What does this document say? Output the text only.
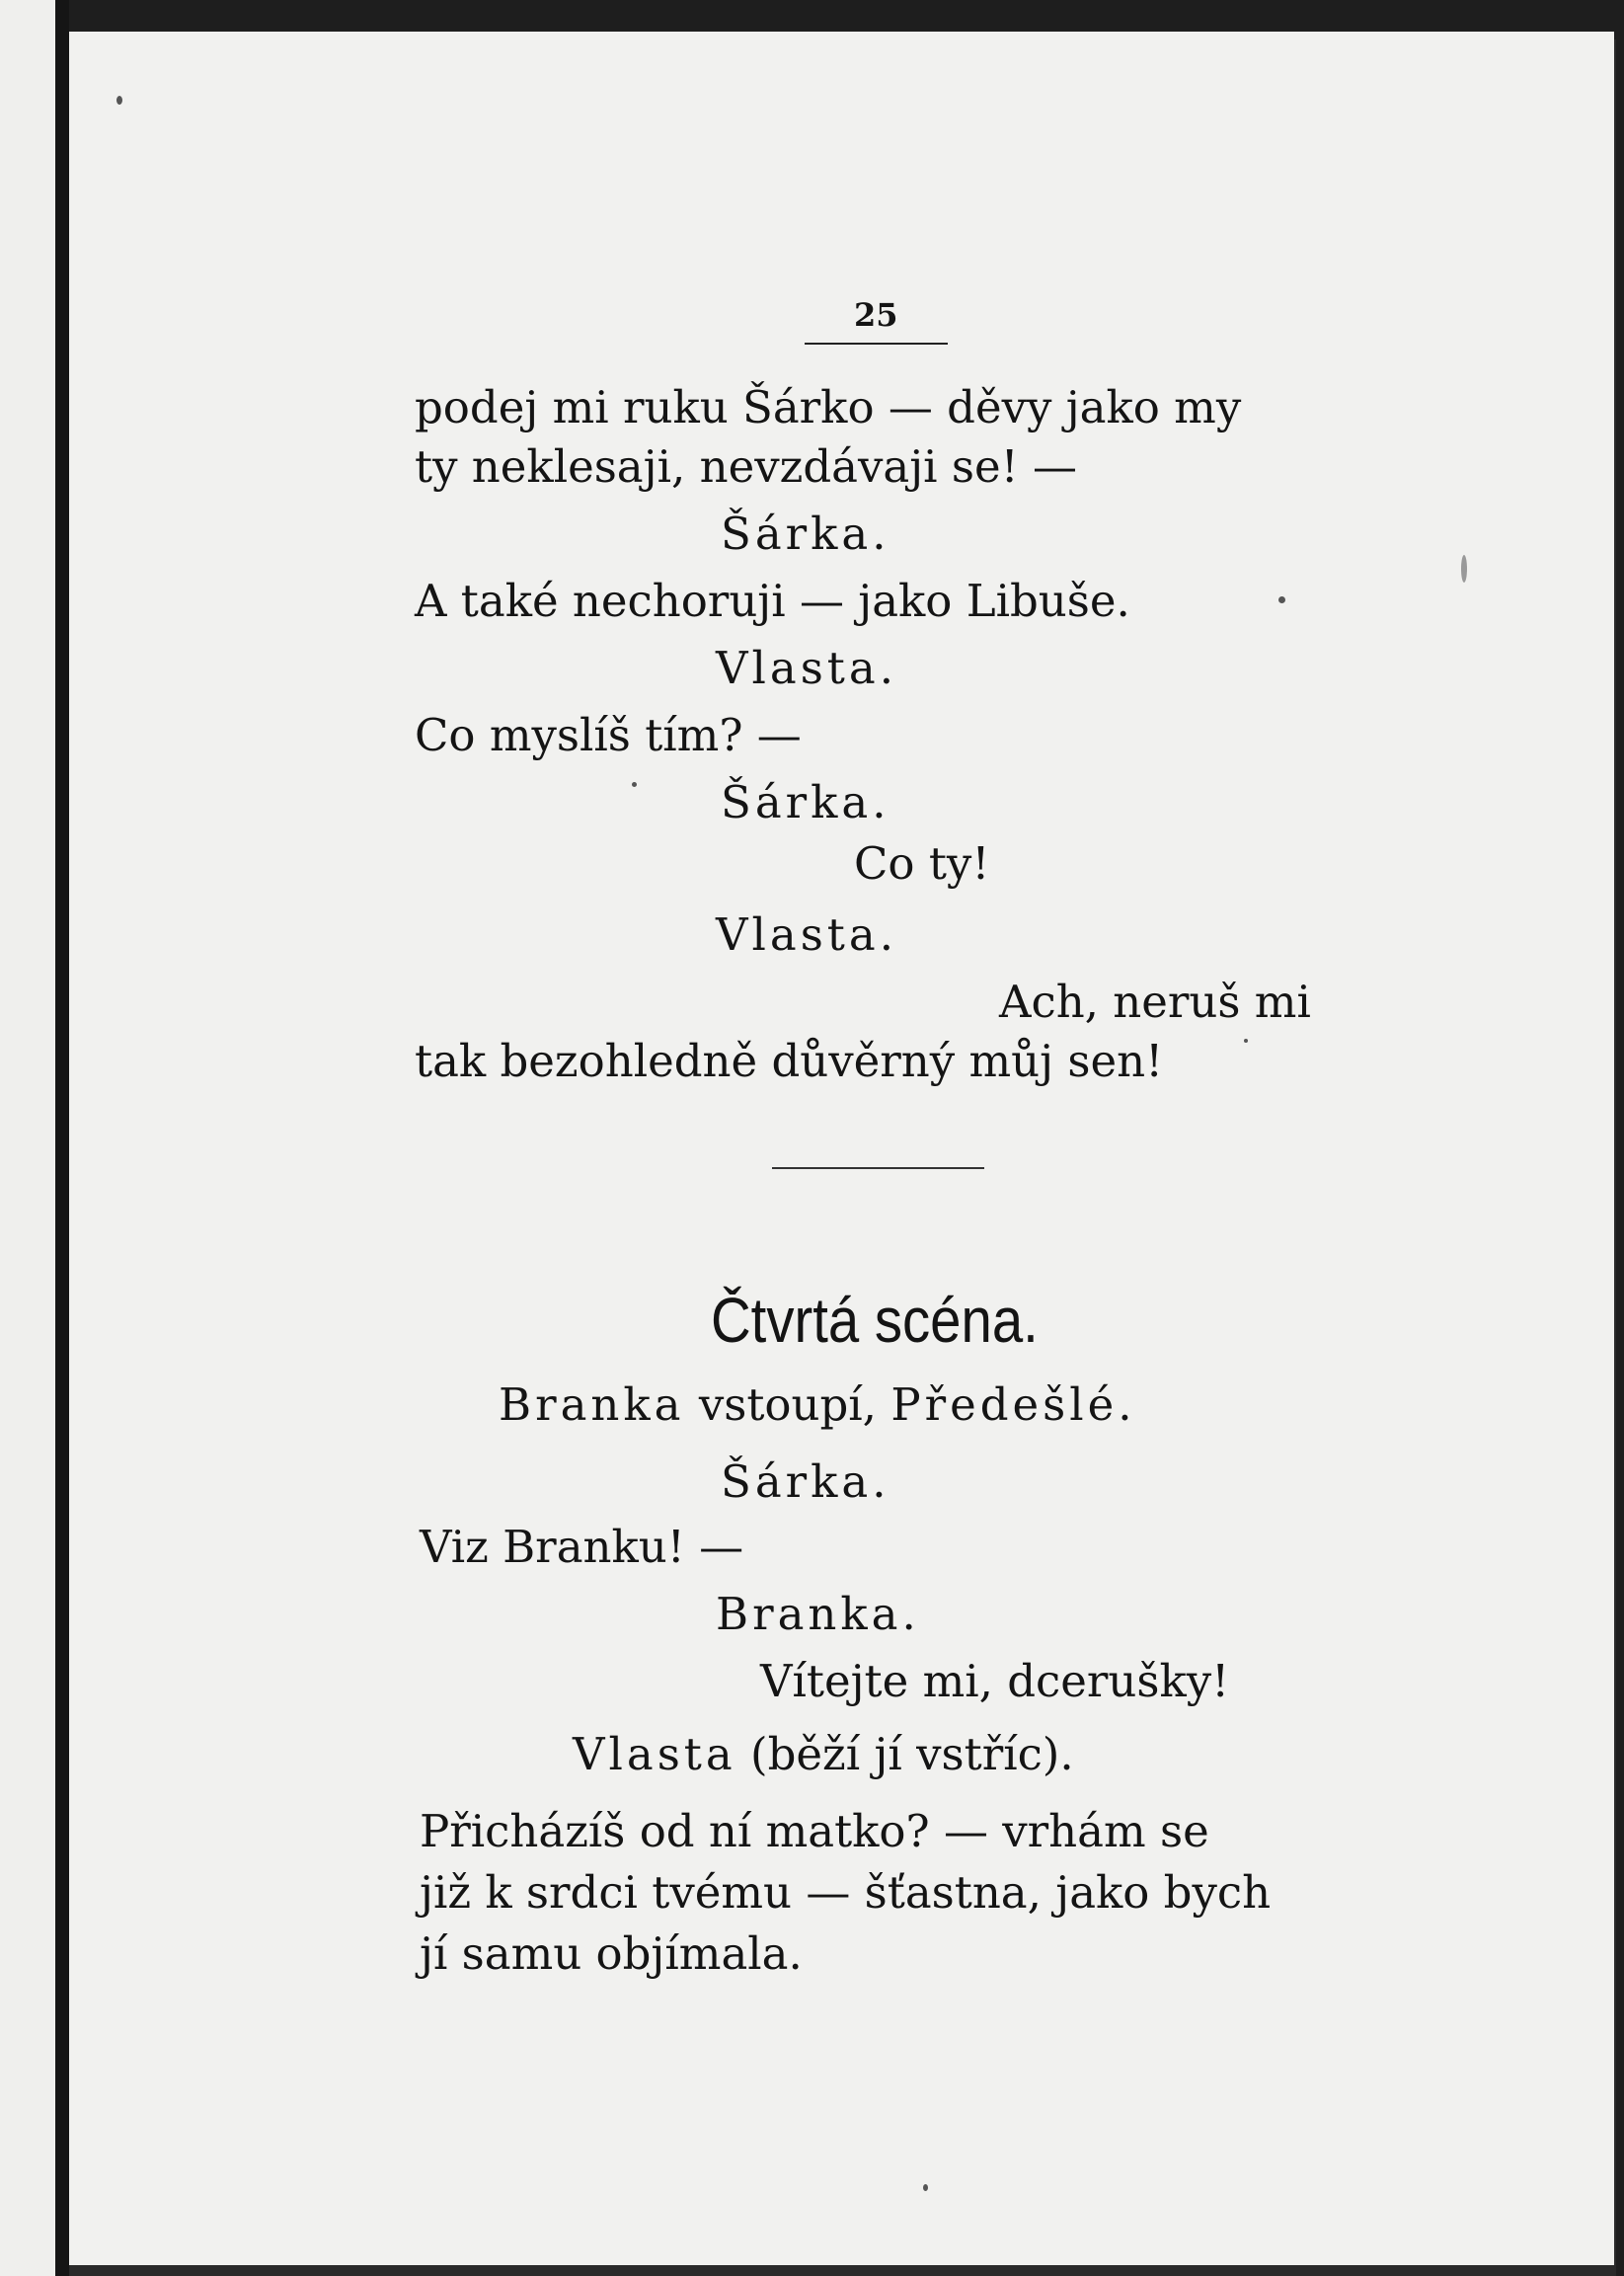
25
podej mi ruku Šárko — děvy jako my
ty neklesaji, nevzdávaji se! —
Šárka.
A také nechoruji — jako Libuše.
Vlasta.
Co myslíš tím? —
Šárka.
Co ty!
Vlasta.
Ach, neruš mi
tak bezohledně důvěrný můj sen!
Čtvrtá scéna.
Branka vstoupí, Předešlé.
Šárka.
Viz Branku! —
Branka.
Vítejte mi, dcerušky!
Vlasta (běží jí vstříc).
Přicházíš od ní matko? — vrhám se
již k srdci tvému — šťastna, jako bych
jí samu objímala.
